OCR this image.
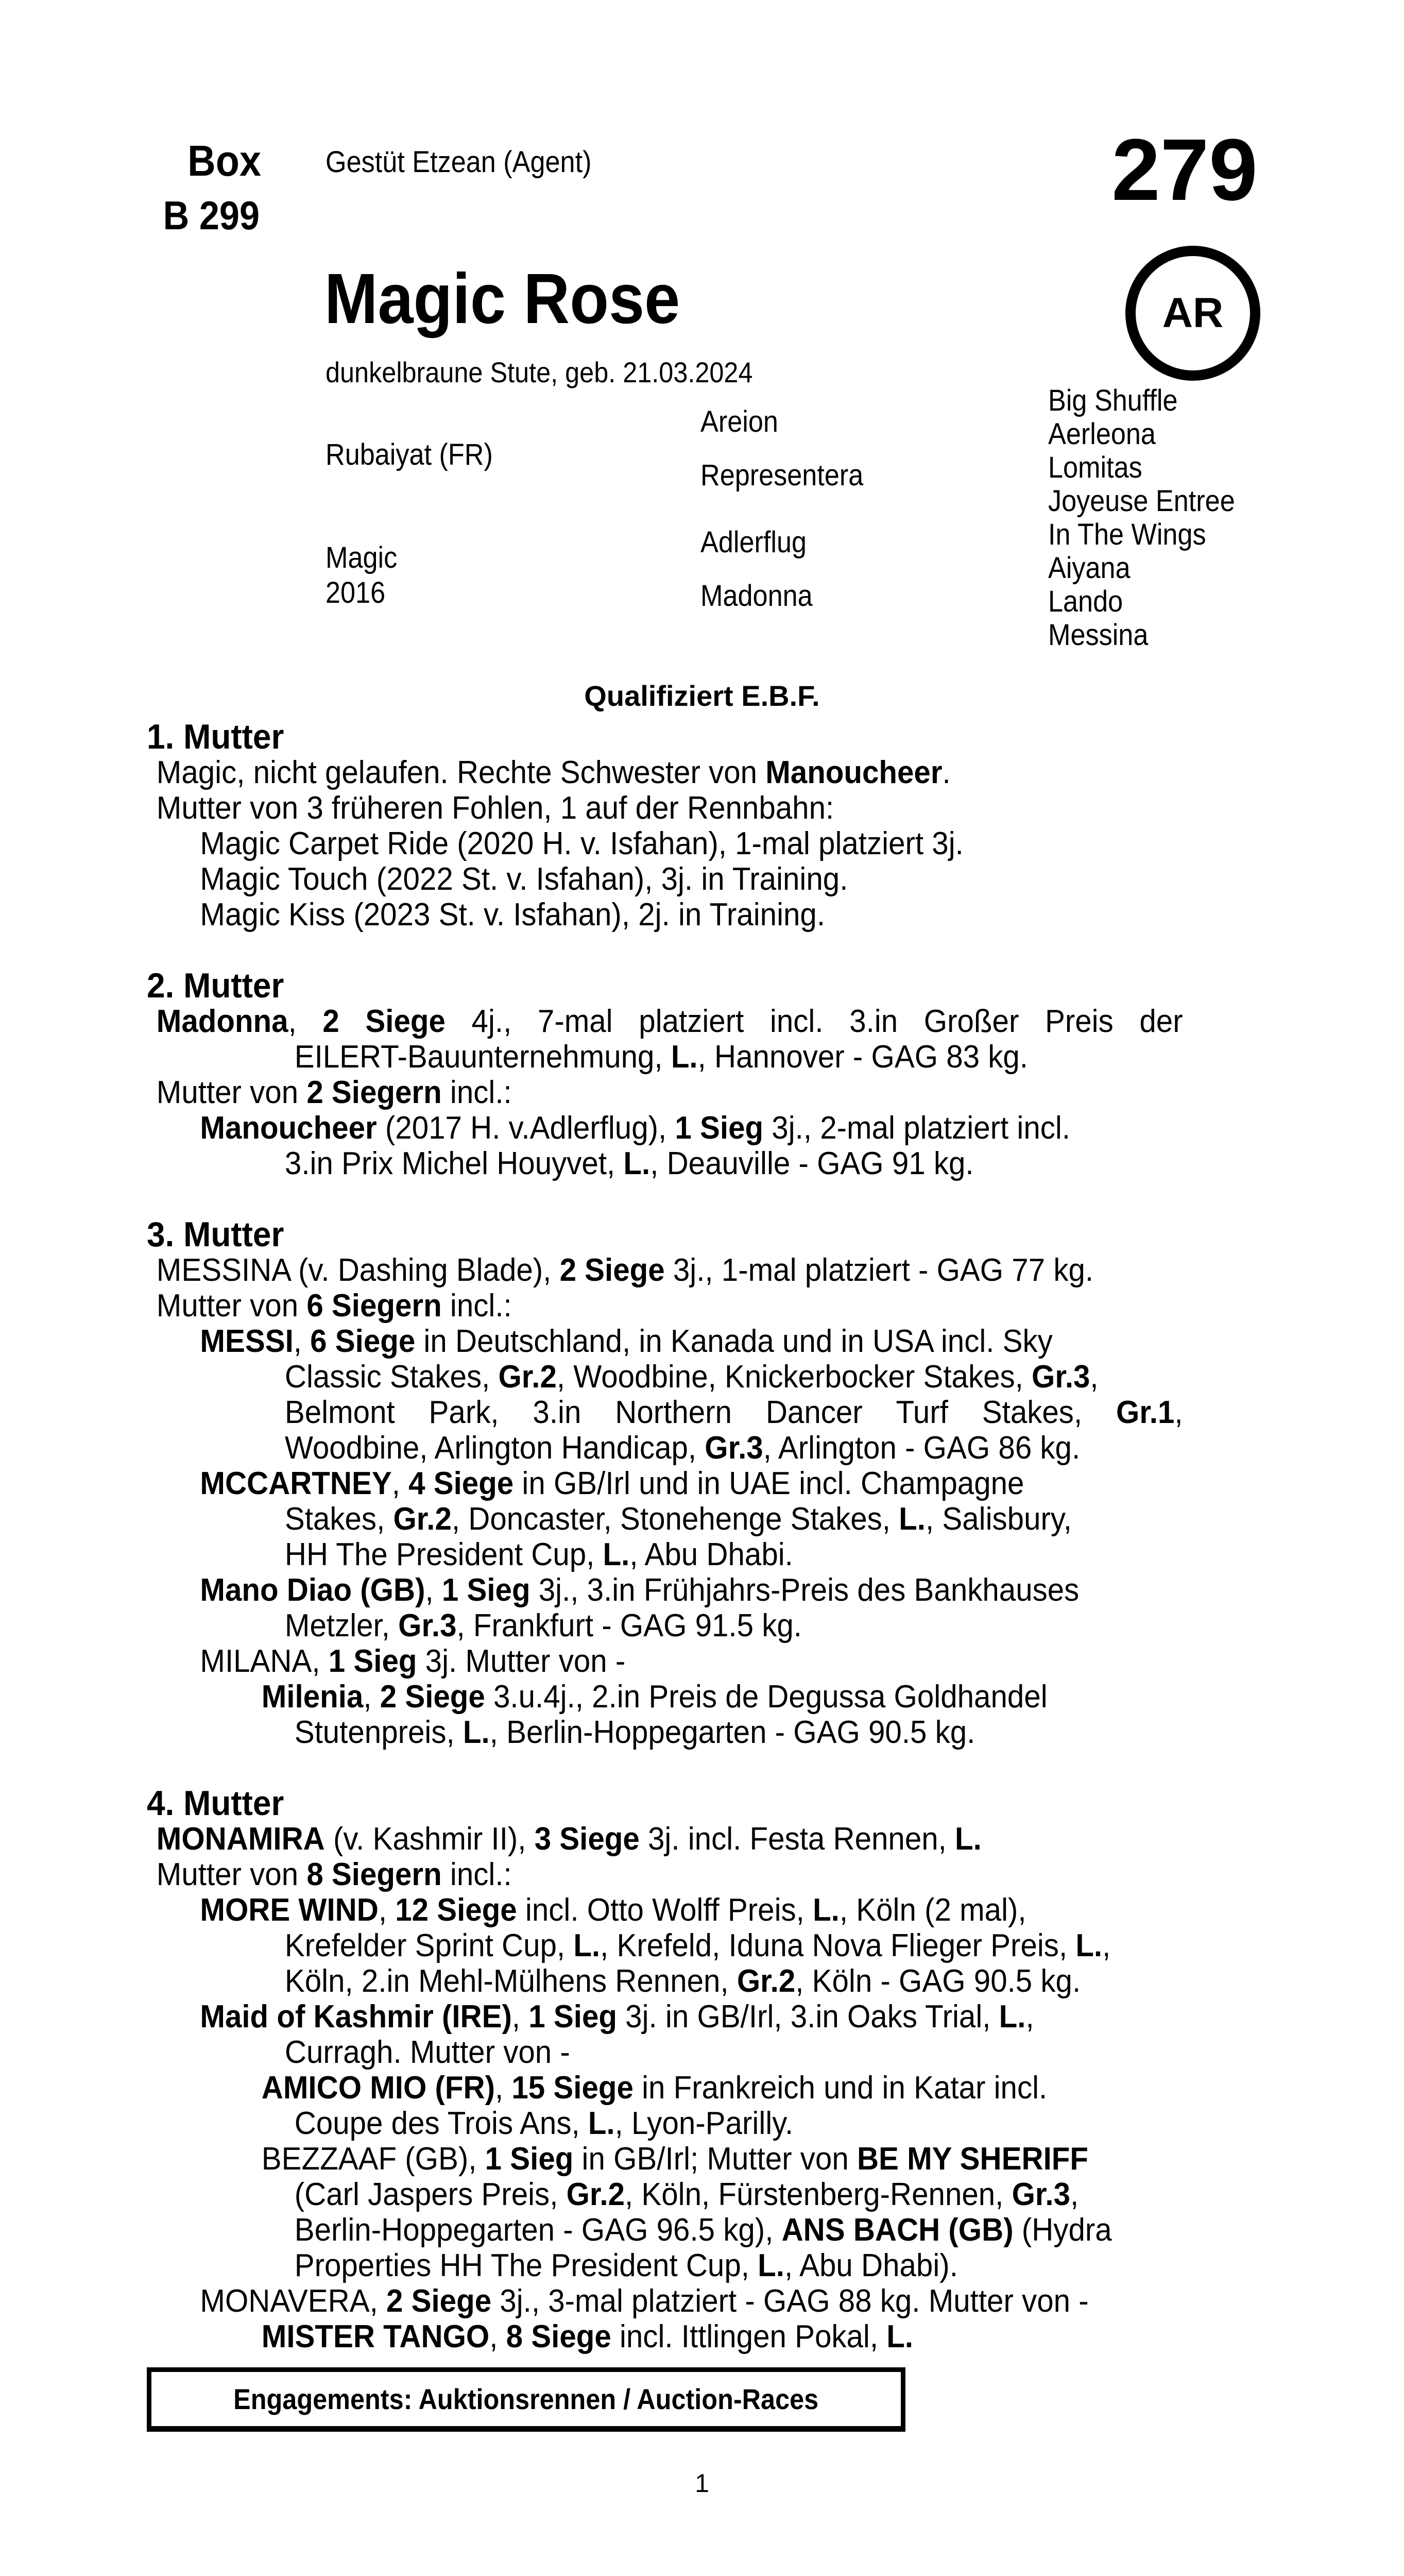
Box
B 299
Gestüt Etzean (Agent)	279
AR
Magic Rose
dunkelbraune Stute, geb. 21.03.2024
Rubaiyat (FR)
Magic
2016
Areion
Representera
Adlerflug
Madonna
Big Shuffle
Aerleona
Lomitas
Joyeuse Entree
In The Wings
Aiyana
Lando
Messina
Qualifiziert E.B.F.
1. Mutter
Magic, nicht gelaufen. Rechte Schwester von Manoucheer.
Mutter von 3 früheren Fohlen, 1 auf der Rennbahn:
Magic Carpet Ride (2020 H. v. Isfahan), 1-mal platziert 3j.
Magic Touch (2022 St. v. Isfahan), 3j. in Training.
Magic Kiss (2023 St. v. Isfahan), 2j. in Training.
2. Mutter
Madonna, 2 Siege 4j., 7-mal platziert incl. 3.in Großer Preis der
EILERT-Bauunternehmung, L., Hannover - GAG 83 kg.
Mutter von 2 Siegern incl.:
Manoucheer (2017 H. v.Adlerflug), 1 Sieg 3j., 2-mal platziert incl.
3.in Prix Michel Houyvet, L., Deauville - GAG 91 kg.
3. Mutter
MESSINA (v. Dashing Blade), 2 Siege 3j., 1-mal platziert - GAG 77 kg.
Mutter von 6 Siegern incl.:
MESSI, 6 Siege in Deutschland, in Kanada und in USA incl. Sky
Classic Stakes, Gr.2, Woodbine, Knickerbocker Stakes, Gr.3,
Belmont Park, 3.in Northern Dancer Turf Stakes, Gr.1,
Woodbine, Arlington Handicap, Gr.3, Arlington - GAG 86 kg.
MCCARTNEY, 4 Siege in GB/Irl und in UAE incl. Champagne
Stakes, Gr.2, Doncaster, Stonehenge Stakes, L., Salisbury,
HH The President Cup, L., Abu Dhabi.
Mano Diao (GB), 1 Sieg 3j., 3.in Frühjahrs-Preis des Bankhauses
Metzler, Gr.3, Frankfurt - GAG 91.5 kg.
MILANA, 1 Sieg 3j. Mutter von -
Milenia, 2 Siege 3.u.4j., 2.in Preis de Degussa Goldhandel
Stutenpreis, L., Berlin-Hoppegarten - GAG 90.5 kg.
4. Mutter
MONAMIRA (v. Kashmir II), 3 Siege 3j. incl. Festa Rennen, L.
Mutter von 8 Siegern incl.:
MORE WIND, 12 Siege incl. Otto Wolff Preis, L., Köln (2 mal),
Krefelder Sprint Cup, L., Krefeld, Iduna Nova Flieger Preis, L.,
Köln, 2.in Mehl-Mülhens Rennen, Gr.2, Köln - GAG 90.5 kg.
Maid of Kashmir (IRE), 1 Sieg 3j. in GB/Irl, 3.in Oaks Trial, L.,
Curragh. Mutter von -
AMICO MIO (FR), 15 Siege in Frankreich und in Katar incl.
Coupe des Trois Ans, L., Lyon-Parilly.
BEZZAAF (GB), 1 Sieg in GB/Irl; Mutter von BE MY SHERIFF
(Carl Jaspers Preis, Gr.2, Köln, Fürstenberg-Rennen, Gr.3,
Berlin-Hoppegarten - GAG 96.5 kg), ANS BACH (GB) (Hydra
Properties HH The President Cup, L., Abu Dhabi).
MONAVERA, 2 Siege 3j., 3-mal platziert - GAG 88 kg. Mutter von -
MISTER TANGO, 8 Siege incl. Ittlingen Pokal, L.
Engagements: Auktionsrennen / Auction-Races
1
